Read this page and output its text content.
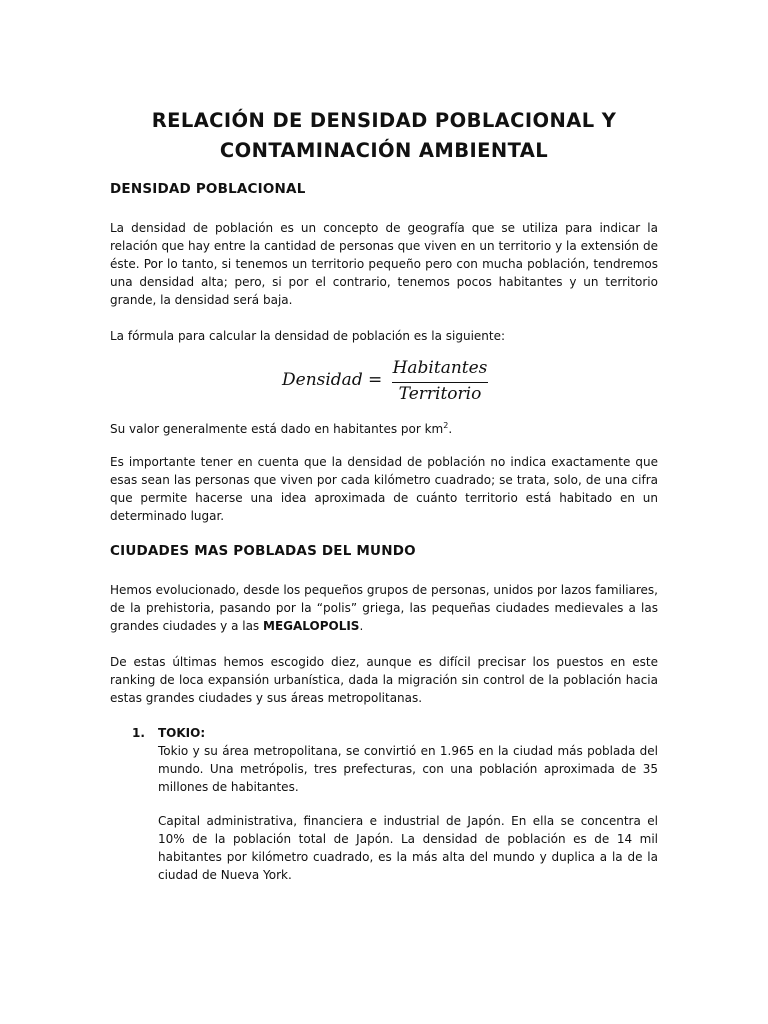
RELACIÓN DE DENSIDAD POBLACIONAL Y
CONTAMINACIÓN AMBIENTAL
DENSIDAD POBLACIONAL

La densidad de población es un concepto de geografía que se utiliza para indicar la relación que hay entre la cantidad de personas que viven en un territorio y la extensión de éste. Por lo tanto, si tenemos un territorio pequeño pero con mucha población, tendremos una densidad alta; pero, si por el contrario, tenemos pocos habitantes y un territorio grande, la densidad será baja.

La fórmula para calcular la densidad de población es la siguiente:

Densidad =
Habitantes
Territorio

Su valor generalmente está dado en habitantes por $km^2$.

Es importante tener en cuenta que la densidad de población no indica exactamente que esas sean las personas que viven por cada kilómetro cuadrado; se trata, solo, de una cifra que permite hacerse una idea aproximada de cuánto territorio está habitado en un determinado lugar.

CIUDADES MAS POBLADAS DEL MUNDO

Hemos evolucionado, desde los pequeños grupos de personas, unidos por lazos familiares, de la prehistoria, pasando por la “polis” griega, las pequeñas ciudades medievales a las grandes ciudades y a las MEGALOPOLIS.

De estas últimas hemos escogido diez, aunque es difícil precisar los puestos en este ranking de loca expansión urbanística, dada la migración sin control de la población hacia estas grandes ciudades y sus áreas metropolitanas.

1. TOKIO:

Tokio y su área metropolitana, se convirtió en 1.965 en la ciudad más poblada del mundo. Una metrópolis, tres prefecturas, con una población aproximada de 35 millones de habitantes.

Capital administrativa, financiera e industrial de Japón. En ella se concentra el 10% de la población total de Japón. La densidad de población es de 14 mil habitantes por kilómetro cuadrado, es la más alta del mundo y duplica a la de la ciudad de Nueva York.
